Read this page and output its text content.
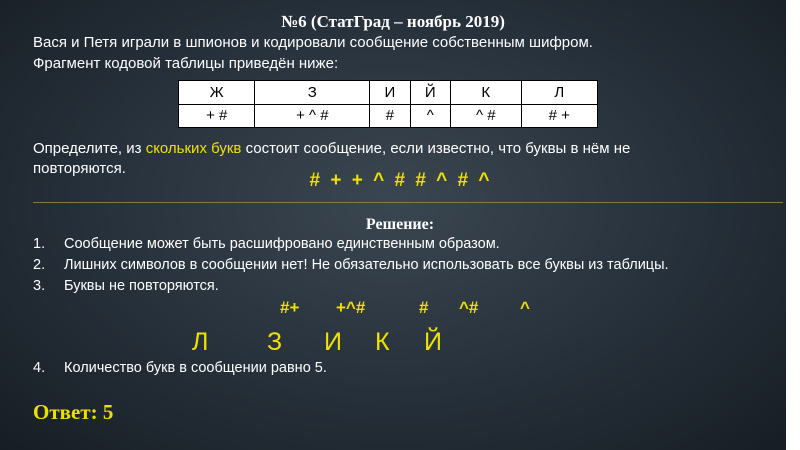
№6 (СтатГрад – ноябрь 2019)
Вася и Петя играли в шпионов и кодировали сообщение собственным шифром.
Фрагмент кодовой таблицы приведён ниже:
Ж	З	И	Й	К	Л
+ #	+ ^ #	#	^	^ #	# +
Определите, из скольких букв состоит сообщение, если известно, что буквы в нём не
повторяются.
# + + ^ # # ^ # ^
Решение:
1. Сообщение может быть расшифровано единственным образом.
2. Лишних символов в сообщении нет! Не обязательно использовать все буквы из таблицы.
3. Буквы не повторяются.
#+ +^#	# ^# ^
Л З И К Й
4. Количество букв в сообщении равно 5.
Ответ: 5
